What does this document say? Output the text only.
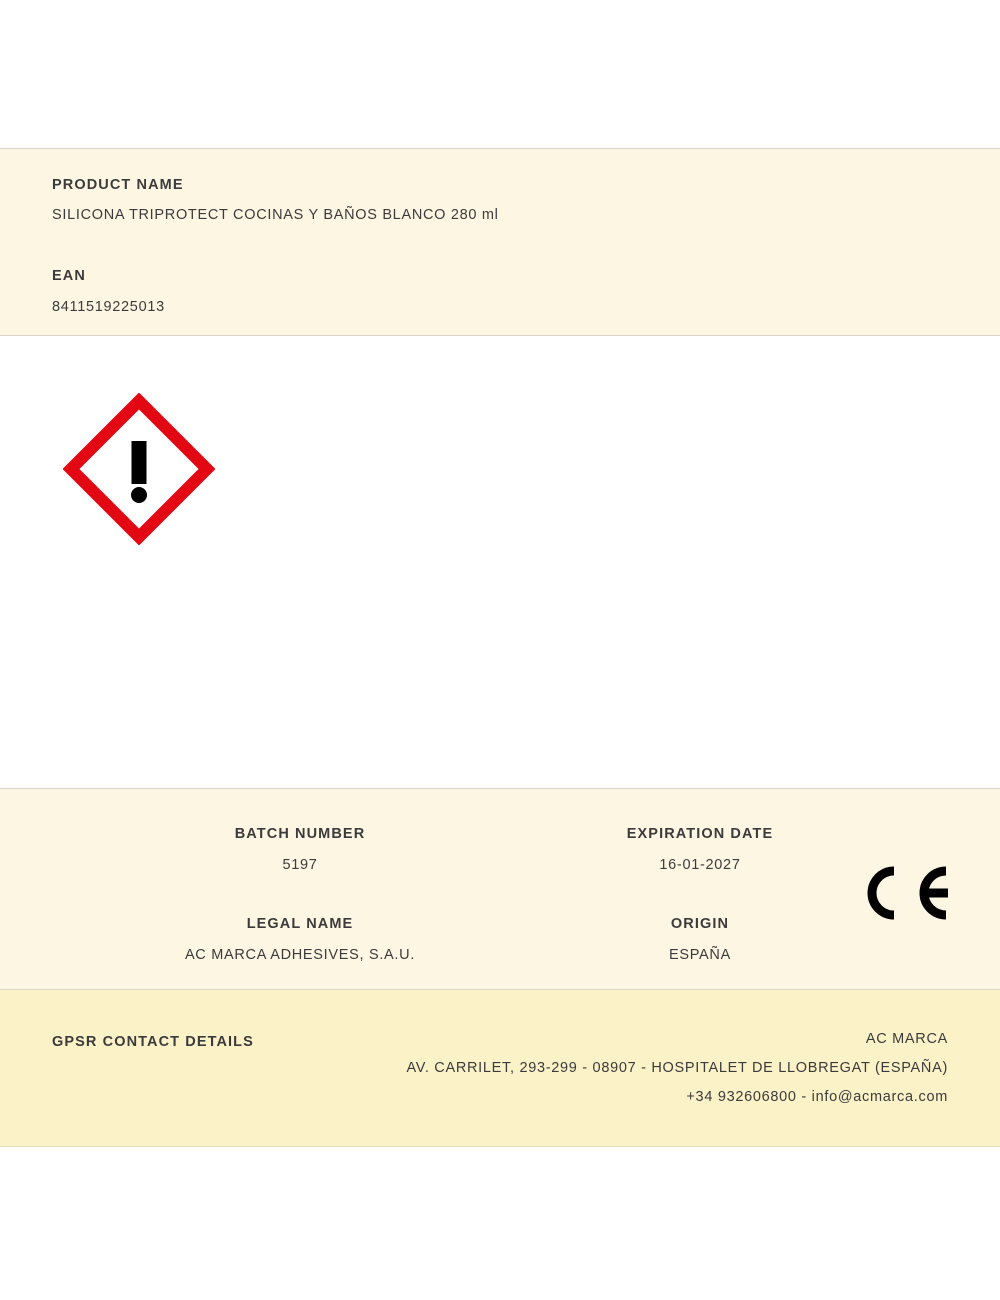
PRODUCT NAME
SILICONA TRIPROTECT COCINAS Y BAÑOS BLANCO 280 ml
EAN
8411519225013
BATCH NUMBER
5197
EXPIRATION DATE
16-01-2027
LEGAL NAME
AC MARCA ADHESIVES, S.A.U.
ORIGIN
ESPAÑA
GPSR CONTACT DETAILS	AC MARCA
AV. CARRILET, 293-299 - 08907 - HOSPITALET DE LLOBREGAT (ESPAÑA)
+34 932606800 - info@acmarca.com
